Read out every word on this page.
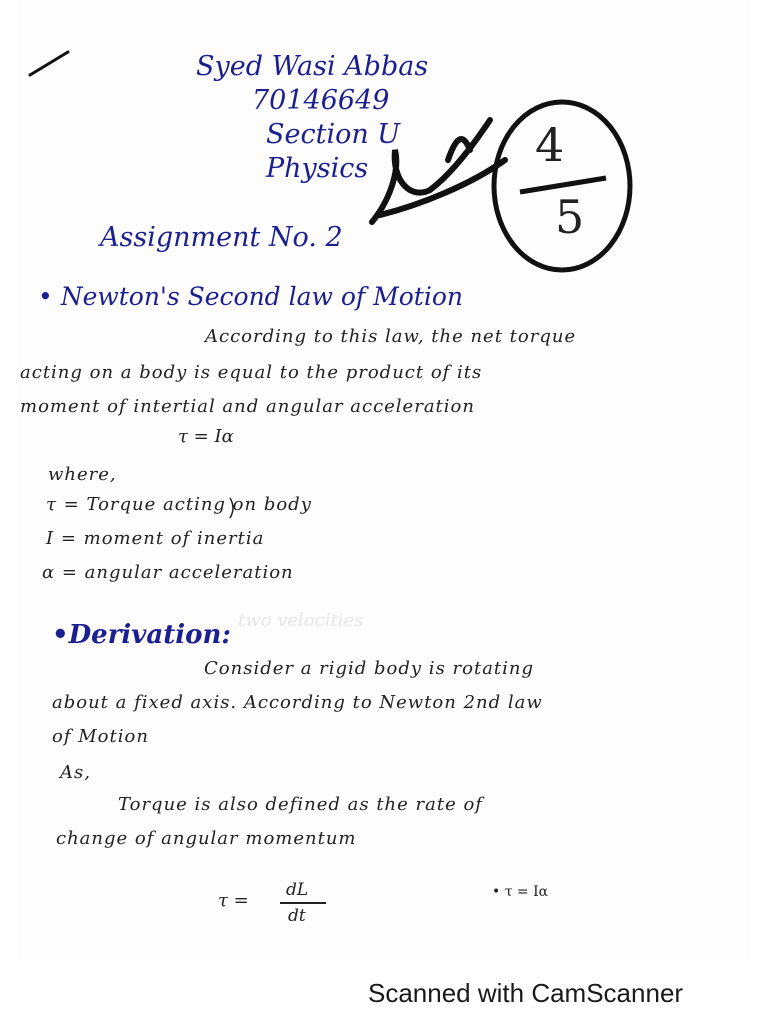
Syed Wasi Abbas
70146649
Section U
Physics	4
5
Assignment No. 2
• Newton's Second law of Motion
According to this law, the net torque
acting on a body is equal to the product of its
moment of intertial and angular acceleration
τ = Iα
where,
τ = Torque acting on body
I = moment of inertia
α = angular acceleration
two velocities
•Derivation:
Consider a rigid body is rotating
about a fixed axis. According to Newton 2nd law
of Motion
As,
Torque is also defined as the rate of
change of angular momentum
τ = dL
dt
• τ = Iα
Scanned with CamScanner
